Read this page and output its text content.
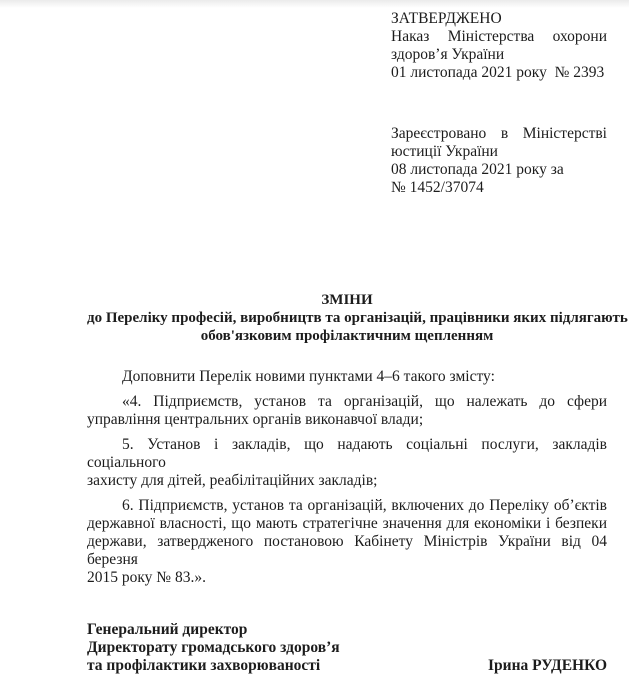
ЗАТВЕРДЖЕНО
Наказ Міністерства охорони
здоров’я України
01 листопада 2021 року  № 2393
Зареєстровано в Міністерстві
юстиції України
08 листопада 2021 року за
№ 1452/37074
ЗМІНИ
до Переліку професій, виробництв та організацій, працівники яких підлягають
обов'язковим профілактичним щепленням
Доповнити Перелік новими пунктами 4–6 такого змісту:
«4. Підприємств, установ та організацій, що належать до сфери
управління центральних органів виконавчої влади;
5. Установ і закладів, що надають соціальні послуги, закладів соціального
захисту для дітей, реабілітаційних закладів;
6. Підприємств, установ та організацій, включених до Переліку об’єктів
державної власності, що мають стратегічне значення для економіки і безпеки
держави, затвердженого постановою Кабінету Міністрів України від 04 березня
2015 року № 83.».
Генеральний директор
Директорату громадського здоров’я
та профілактики захворюваності	Ірина РУДЕНКО
